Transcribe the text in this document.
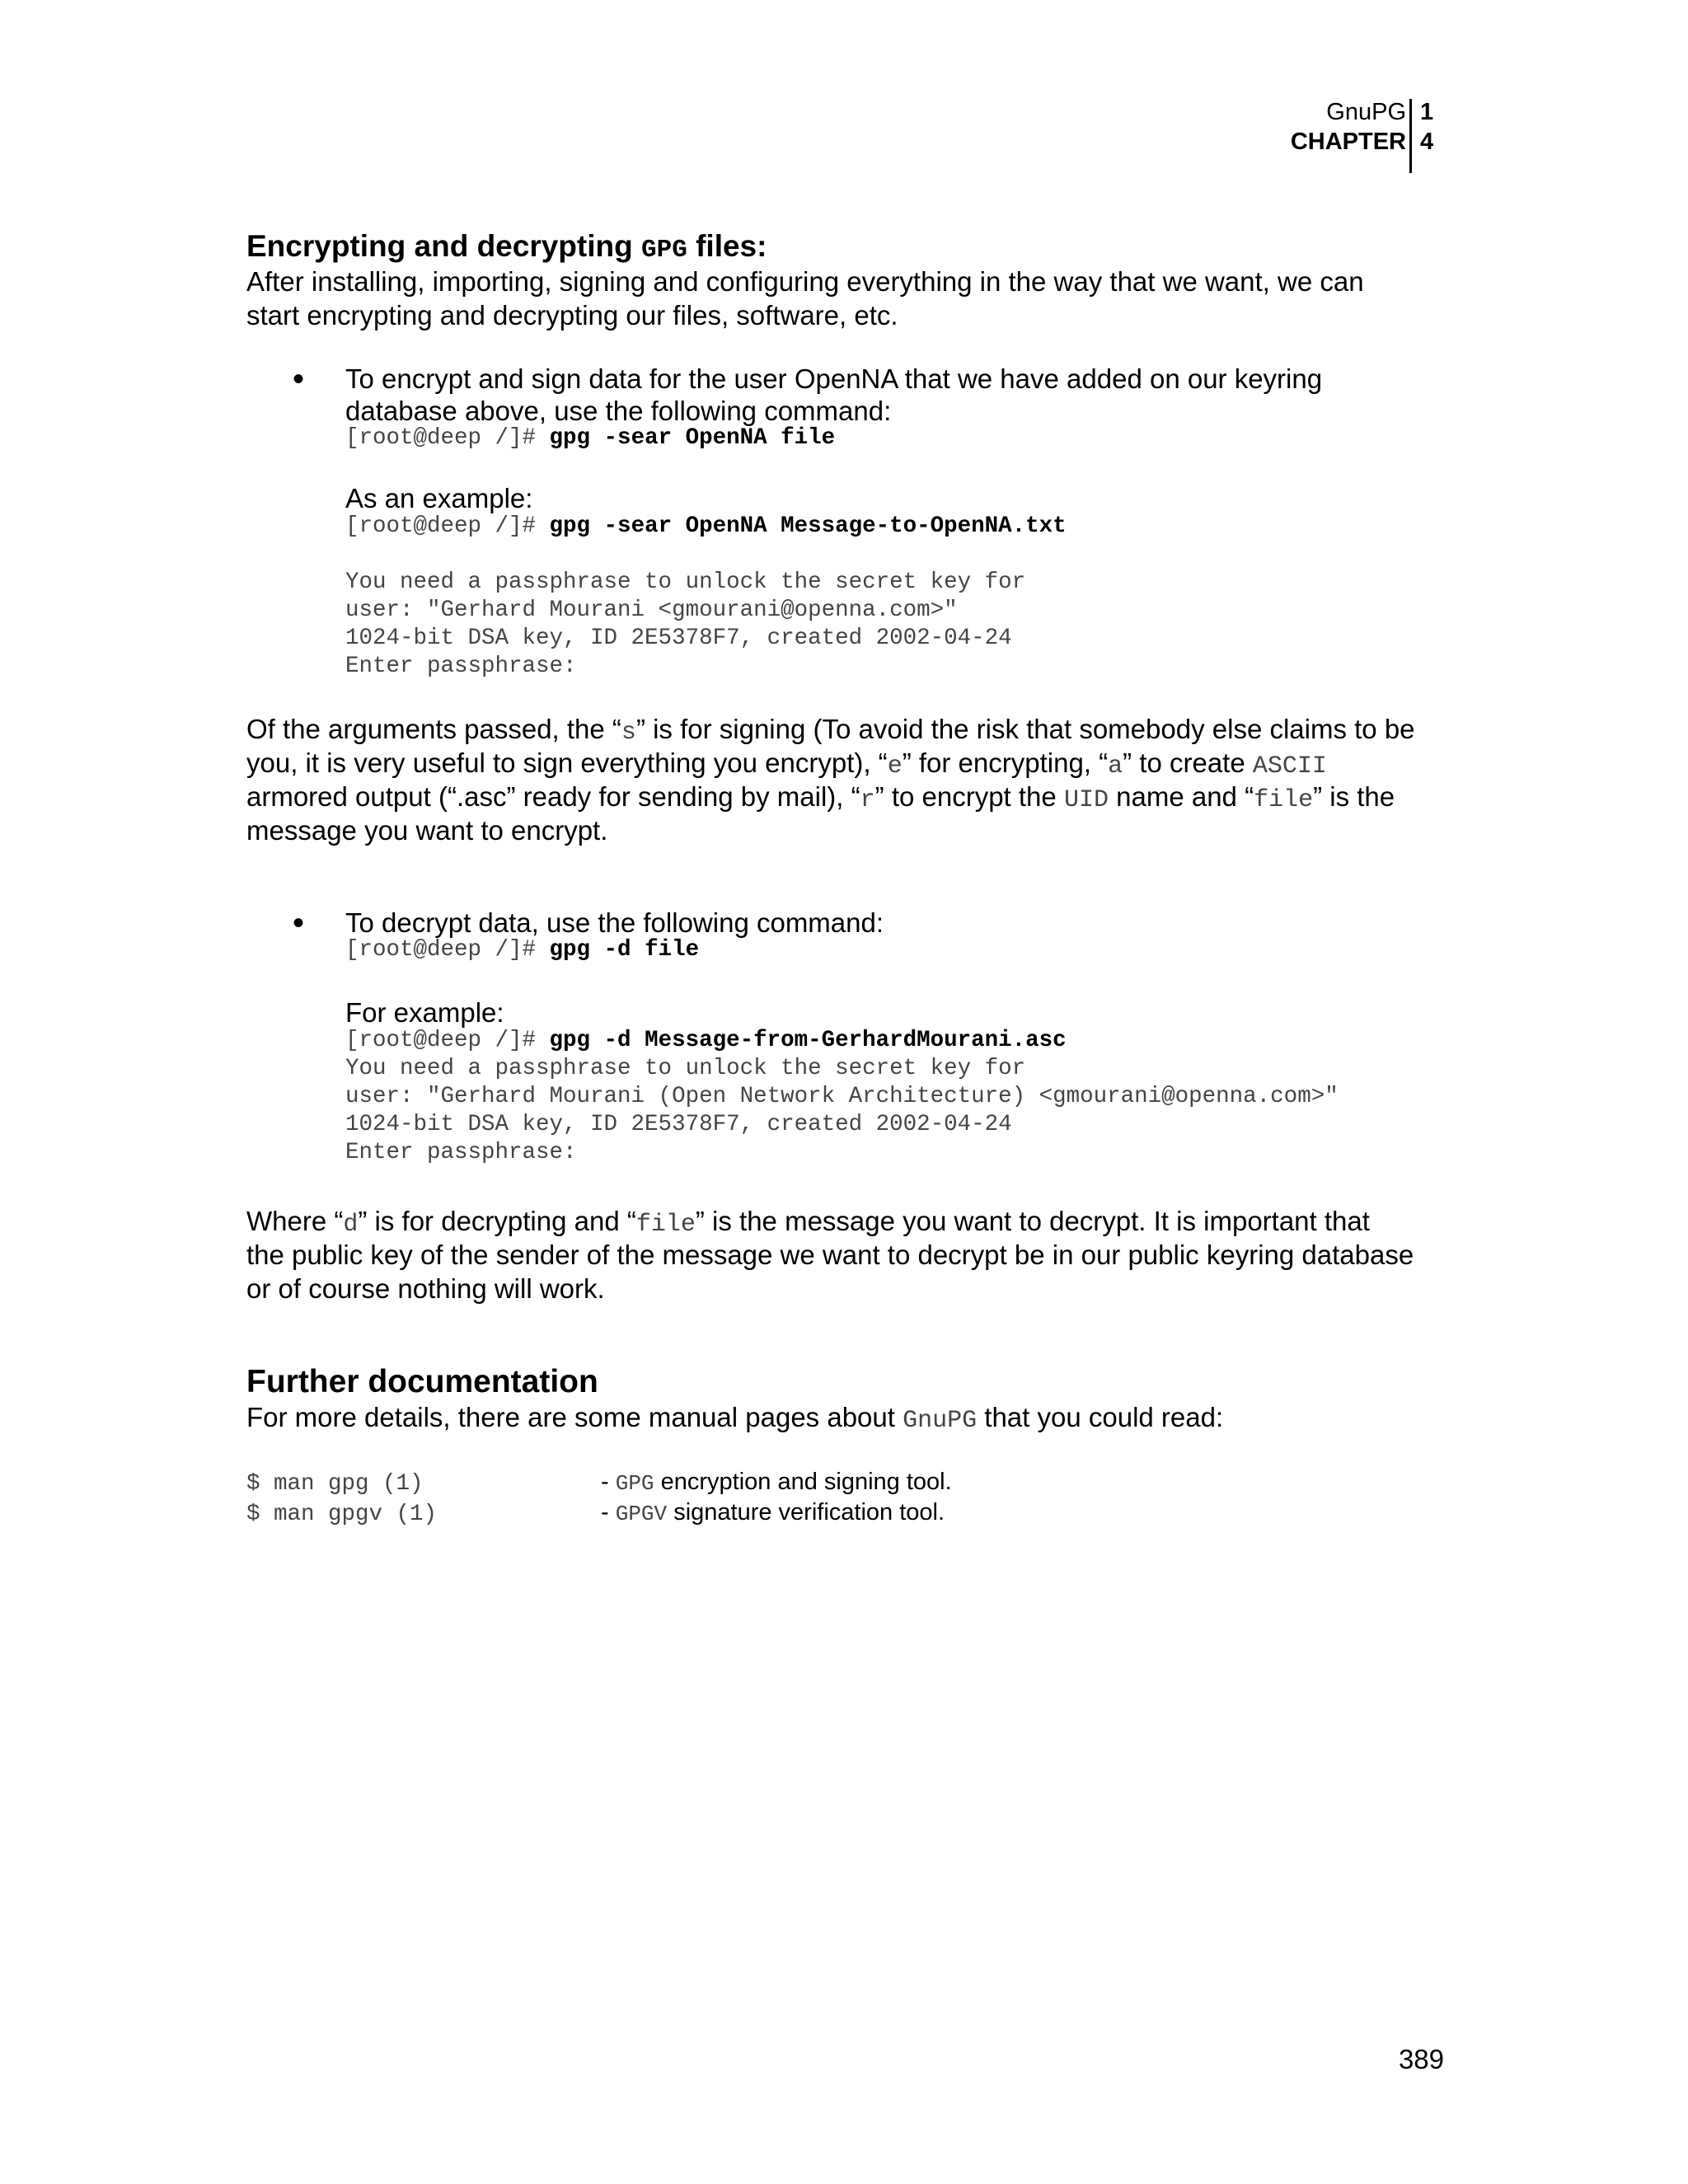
GnuPG
CHAPTER
1
4
Encrypting and decrypting GPG files:
After installing, importing, signing and configuring everything in the way that we want, we can
start encrypting and decrypting our files, software, etc.
• To encrypt and sign data for the user OpenNA that we have added on our keyring
database above, use the following command:
[root@deep /]# gpg -sear OpenNA file
As an example:
[root@deep /]# gpg -sear OpenNA Message-to-OpenNA.txt
You need a passphrase to unlock the secret key for
user: "Gerhard Mourani <gmourani@openna.com>"
1024-bit DSA key, ID 2E5378F7, created 2002-04-24
Enter passphrase:
Of the arguments passed, the “s” is for signing (To avoid the risk that somebody else claims to be
you, it is very useful to sign everything you encrypt), “e” for encrypting, “a” to create ASCII
armored output (“.asc” ready for sending by mail), “r” to encrypt the UID name and “file” is the
message you want to encrypt.
• To decrypt data, use the following command:
[root@deep /]# gpg -d file
For example:
[root@deep /]# gpg -d Message-from-GerhardMourani.asc
You need a passphrase to unlock the secret key for
user: "Gerhard Mourani (Open Network Architecture) <gmourani@openna.com>"
1024-bit DSA key, ID 2E5378F7, created 2002-04-24
Enter passphrase:
Where “d” is for decrypting and “file” is the message you want to decrypt. It is important that
the public key of the sender of the message we want to decrypt be in our public keyring database
or of course nothing will work.
Further documentation
For more details, there are some manual pages about GnuPG that you could read:
$ man gpg (1)	- GPG encryption and signing tool.
$ man gpgv (1)	- GPGV signature verification tool.
389
